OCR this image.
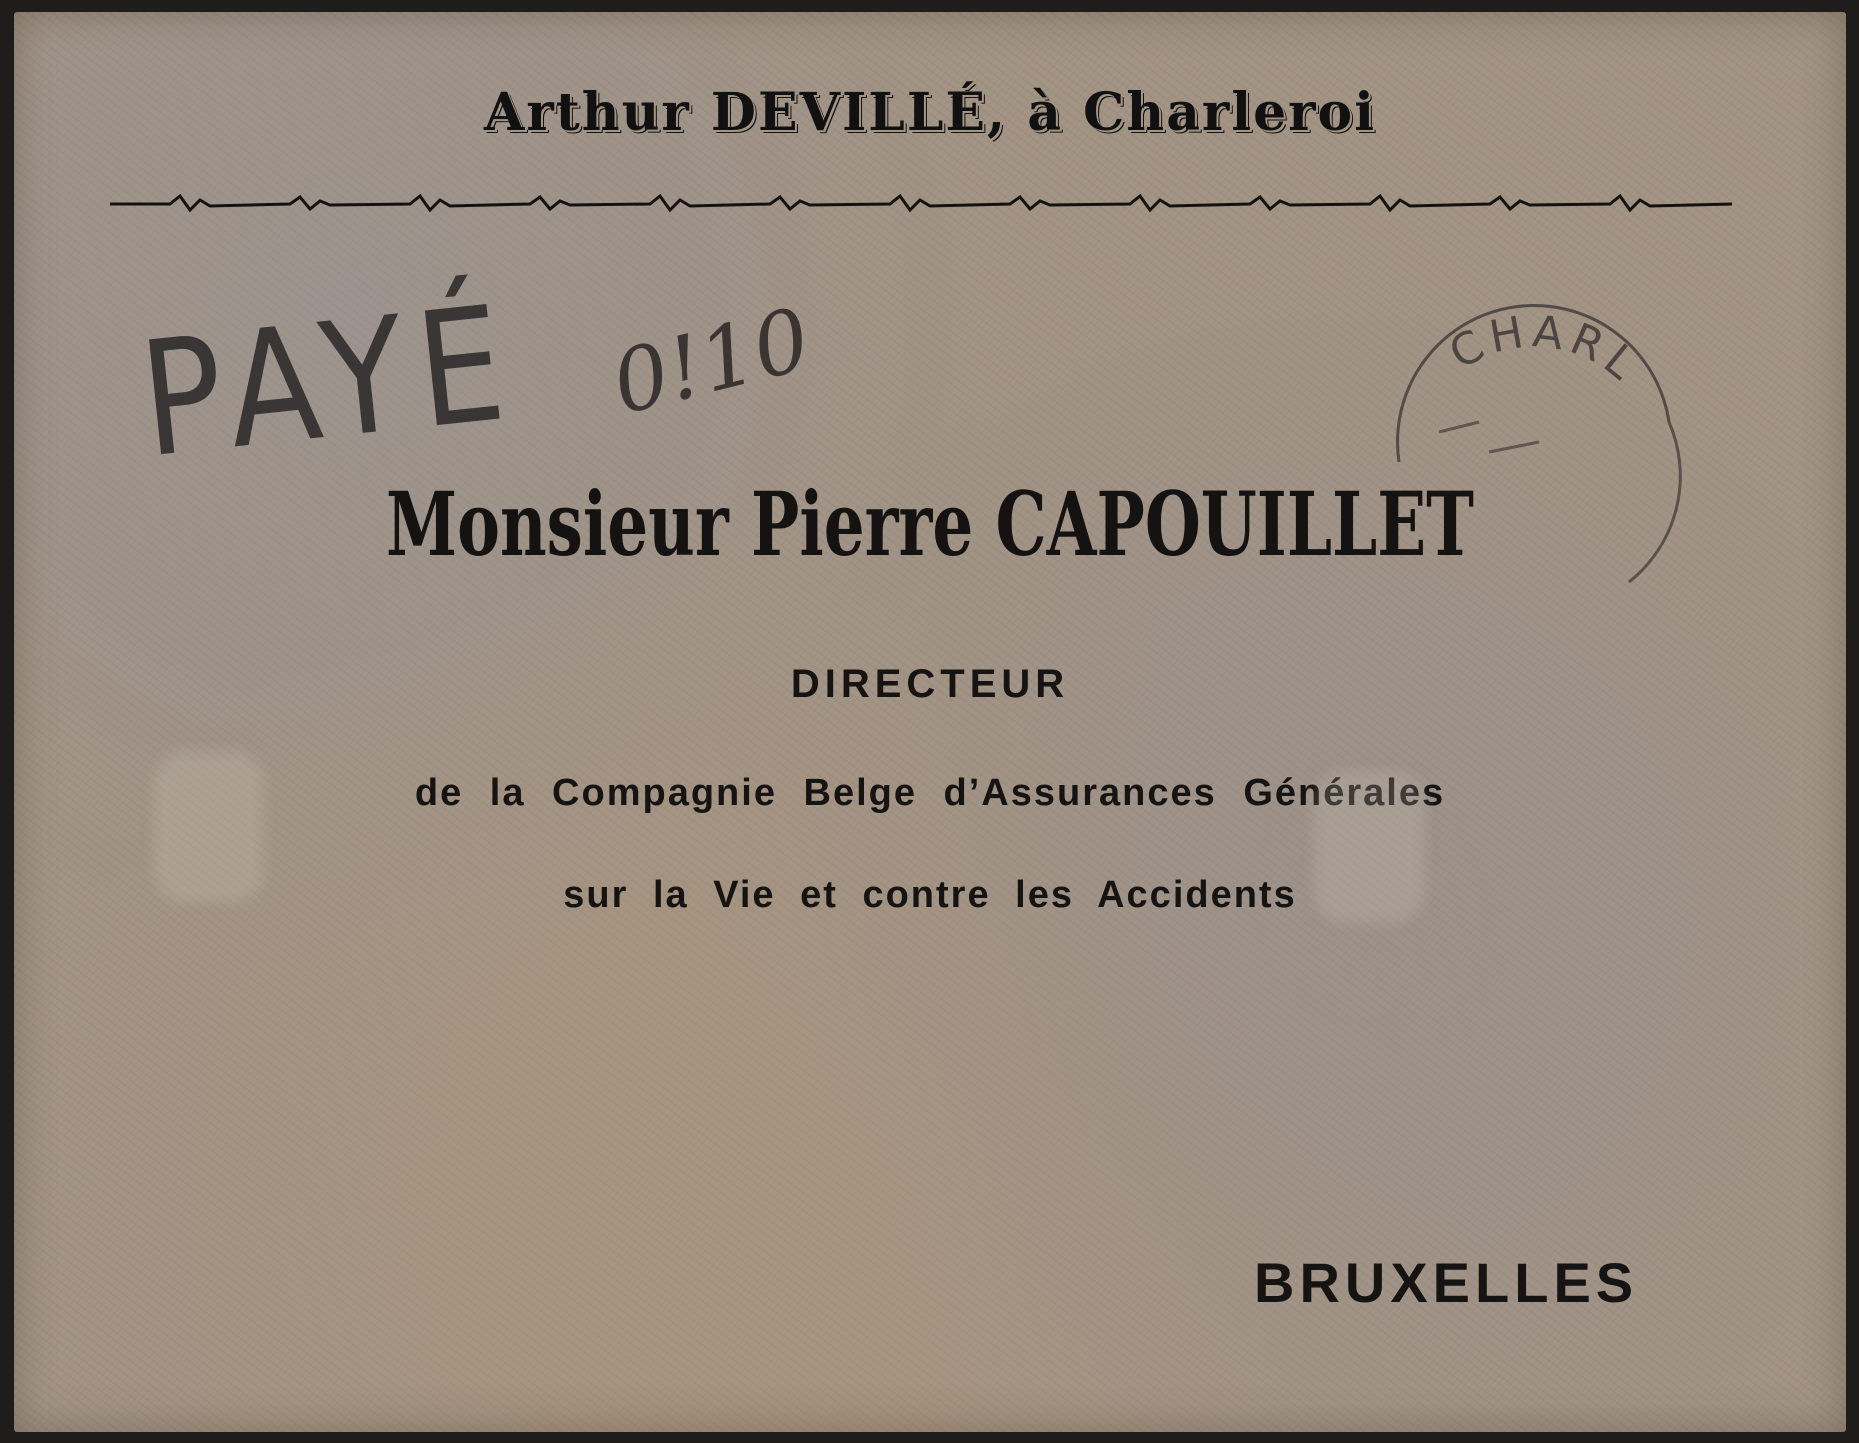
Arthur DEVILLÉ, à Charleroi
PAYÉ 0!10	CHARL
Monsieur Pierre CAPOUILLET
DIRECTEUR
de la Compagnie Belge d’Assurances Générales
sur la Vie et contre les Accidents
BRUXELLES
